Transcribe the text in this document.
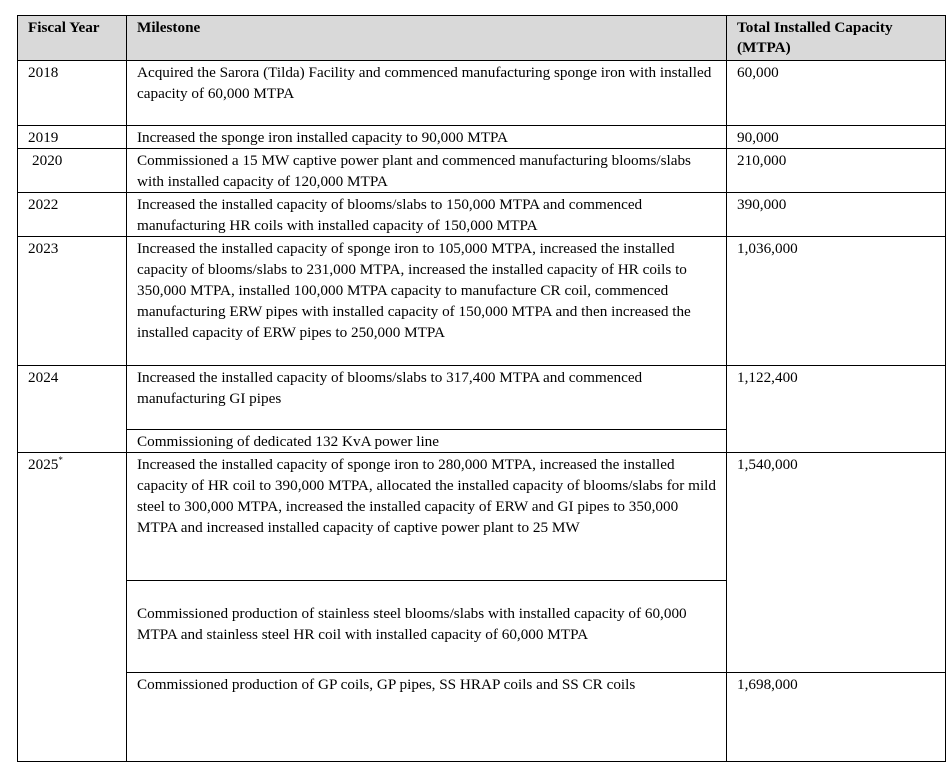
Fiscal Year	Milestone	Total Installed Capacity (MTPA)
2018	Acquired the Sarora (Tilda) Facility and commenced manufacturing sponge iron with installed capacity of 60,000 MTPA	60,000
2019	Increased the sponge iron installed capacity to 90,000 MTPA	90,000
2020	Commissioned a 15 MW captive power plant and commenced manufacturing blooms/slabs with installed capacity of 120,000 MTPA	210,000
2022	Increased the installed capacity of blooms/slabs to 150,000 MTPA and commenced manufacturing HR coils with installed capacity of 150,000 MTPA	390,000
2023	Increased the installed capacity of sponge iron to 105,000 MTPA, increased the installed capacity of blooms/slabs to 231,000 MTPA, increased the installed capacity of HR coils to 350,000 MTPA, installed 100,000 MTPA capacity to manufacture CR coil, commenced manufacturing ERW pipes with installed capacity of 150,000 MTPA and then increased the installed capacity of ERW pipes to 250,000 MTPA	1,036,000
2024	Increased the installed capacity of blooms/slabs to 317,400 MTPA and commenced manufacturing GI pipes	1,122,400
	Commissioning of dedicated 132 KvA power line	
2025*	Increased the installed capacity of sponge iron to 280,000 MTPA, increased the installed capacity of HR coil to 390,000 MTPA, allocated the installed capacity of blooms/slabs for mild steel to 300,000 MTPA, increased the installed capacity of ERW and GI pipes to 350,000 MTPA and increased installed capacity of captive power plant to 25 MW	1,540,000
	Commissioned production of stainless steel blooms/slabs with installed capacity of 60,000 MTPA and stainless steel HR coil with installed capacity of 60,000 MTPA	
	Commissioned production of GP coils, GP pipes, SS HRAP coils and SS CR coils	1,698,000
